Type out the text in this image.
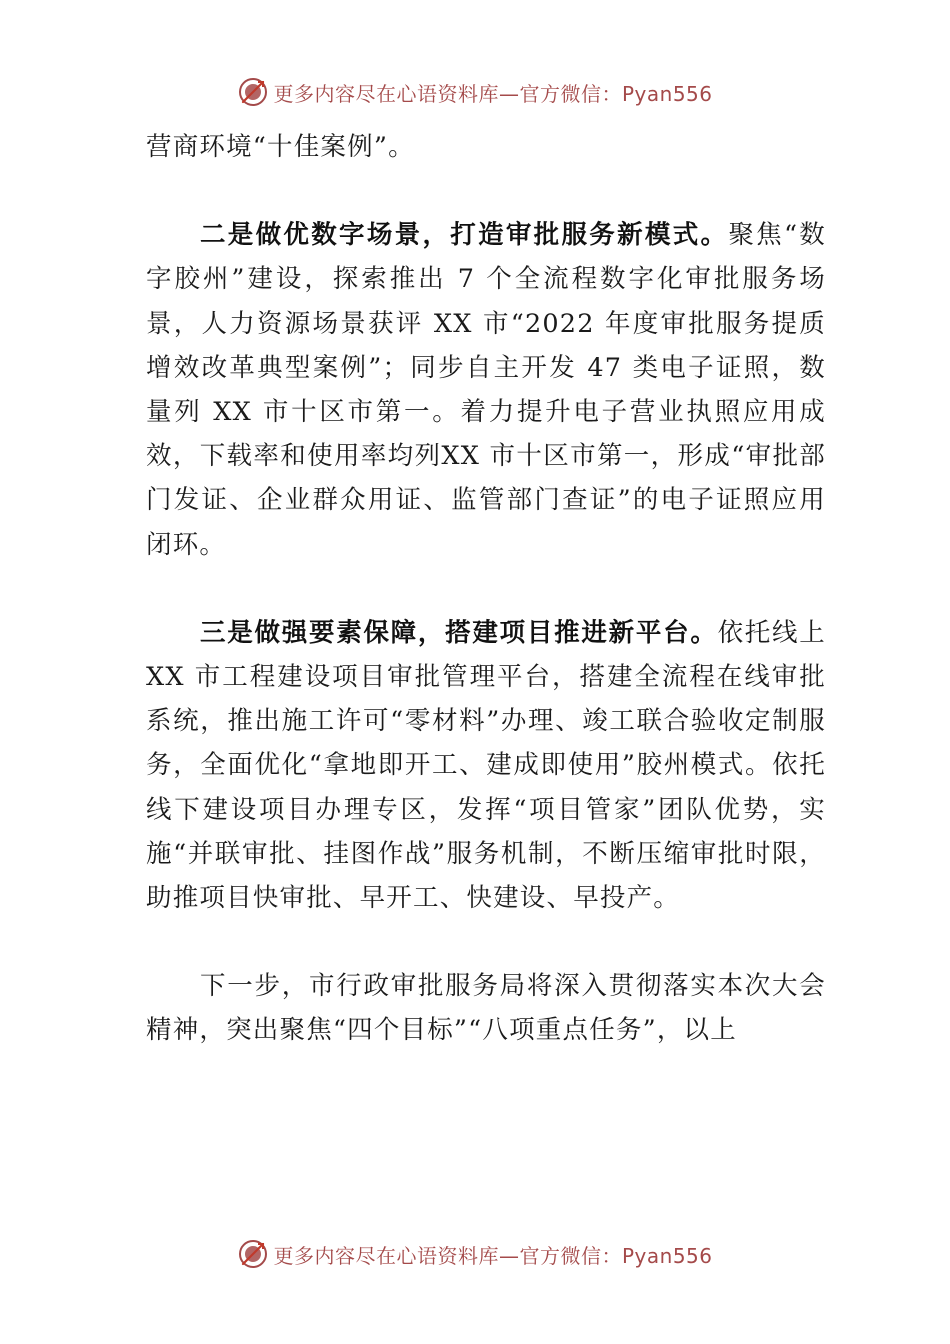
更多内容尽在心语资料库—官方微信：Pyan556

营商环境“十佳案例”。

二是做优数字场景，打造审批服务新模式。聚焦“数字胶州”建设，探索推出 7 个全流程数字化审批服务场景，人力资源场景获评 XX 市“2022 年度审批服务提质增效改革典型案例”；同步自主开发 47 类电子证照，数量列 XX 市十区市第一。着力提升电子营业执照应用成效，下载率和使用率均列XX 市十区市第一，形成“审批部门发证、企业群众用证、监管部门查证”的电子证照应用闭环。

三是做强要素保障，搭建项目推进新平台。依托线上 XX 市工程建设项目审批管理平台，搭建全流程在线审批系统，推出施工许可“零材料”办理、竣工联合验收定制服务，全面优化“拿地即开工、建成即使用”胶州模式。依托线下建设项目办理专区，发挥“项目管家”团队优势，实施“并联审批、挂图作战”服务机制，不断压缩审批时限，助推项目快审批、早开工、快建设、早投产。

下一步，市行政审批服务局将深入贯彻落实本次大会精神，突出聚焦“四个目标”“八项重点任务”，以上

更多内容尽在心语资料库—官方微信：Pyan556
